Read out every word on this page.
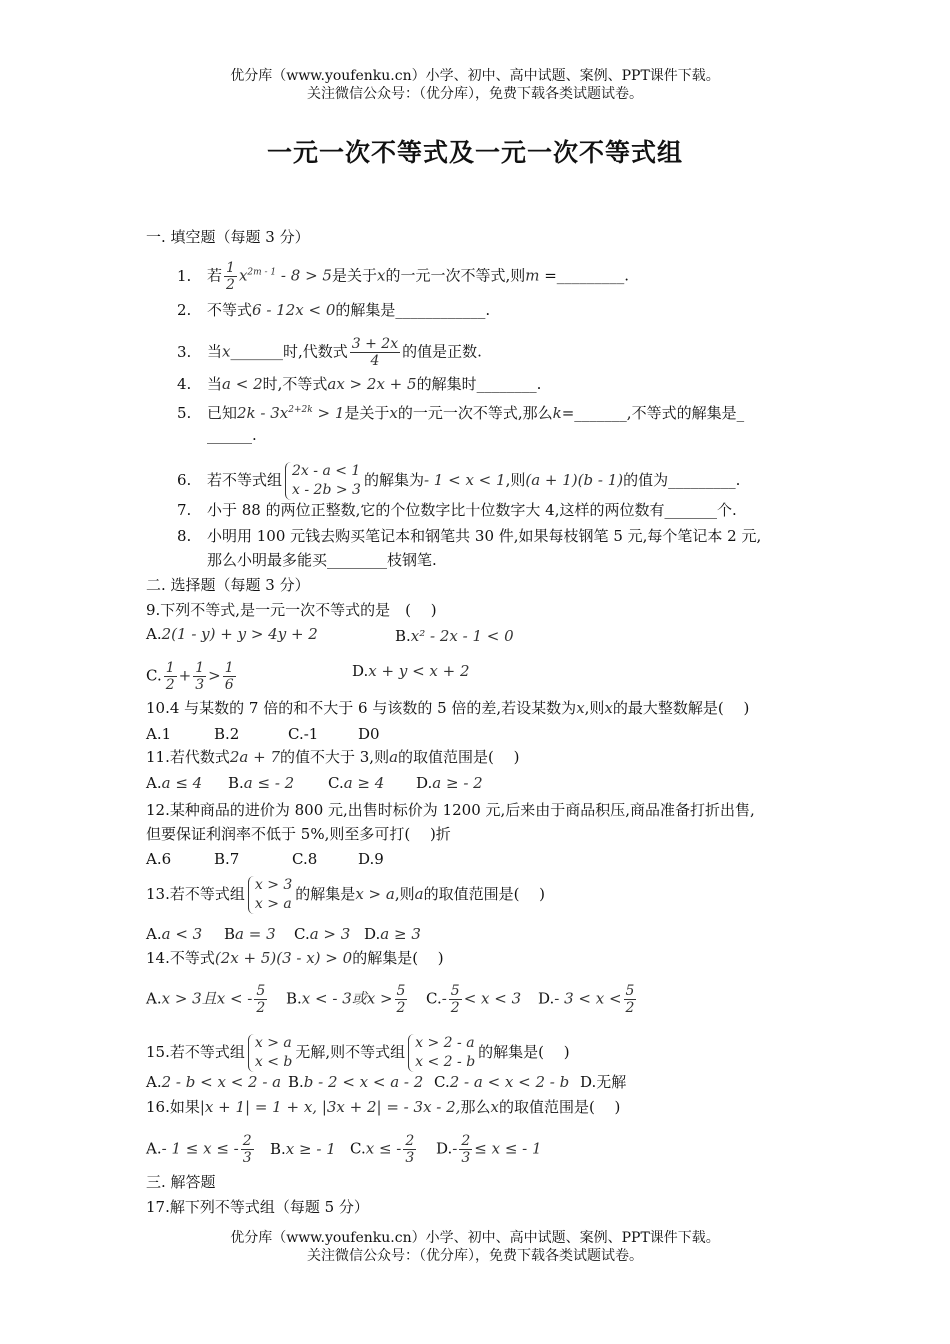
优分库（www.youfenku.cn）小学、初中、高中试题、案例、PPT课件下载。
关注微信公众号：（优分库），免费下载各类试题试卷。
一元一次不等式及一元一次不等式组
一. 填空题（每题 3 分）
1. 若 $\frac{1}{2} x^{2m - 1} - 8 > 5$是关于x的一元一次不等式,则m =_________.
2. 不等式6 - 12x < 0的解集是____________.
3. 当x_______时,代数式 $\frac{3 + 2x}{4}$ 的值是正数.
4. 当a < 2时,不等式ax > 2x + 5的解集时________.
5. 已知$2k - 3x^{2+2k} > 1$是关于x的一元一次不等式,那么k=_______,不等式的解集是_
______.
6. 若不等式组 2x - a < 1
x - 2b > 3
的解集为- 1 < x < 1,则(a + 1)(b - 1)的值为_________.
7. 小于 88 的两位正整数,它的个位数字比十位数字大 4,这样的两位数有_______个.
8. 小明用 100 元钱去购买笔记本和钢笔共 30 件,如果每枝钢笔 5 元,每个笔记本 2 元,
那么小明最多能买________枝钢笔.
二. 选择题（每题 3 分）
9.下列不等式,是一元一次不等式的是　(　 )
A.2(1 - y) + y > 4y + 2	B.x² - 2x - 1 < 0
C. $\frac{1}{2} + \frac{1}{3} > \frac{1}{6}$	D.x + y < x + 2
10.4 与某数的 7 倍的和不大于 6 与该数的 5 倍的差,若设某数为x,则x的最大整数解是(　 )
A.1	B.2	C.-1	D0
11.若代数式2a + 7的值不大于 3,则a的取值范围是(　 )
A.a ≤ 4 B.a ≤ - 2 C.a ≥ 4 D.a ≥ - 2
12.某种商品的进价为 800 元,出售时标价为 1200 元,后来由于商品积压,商品准备打折出售,
但要保证利润率不低于 5%,则至多可打(　 )折
A.6	B.7	C.8	D.9
13.若不等式组 x > 3
x > a
的解集是x > a,则a的取值范围是(　 )
A.a < 3 Ba = 3 C.a > 3 D.a ≥ 3
14.不等式(2x + 5)(3 - x) > 0的解集是(　 )
A.x > 3且x < - $\frac{5}{2} B.x$ < - 3或$x > \frac{5}{2} C.- \frac{5}{2} < x < 3$ D.- $3 < x < \frac{5}{2}$
15.若不等式组 x > a
x < b
无解,则不等式组 x > 2 - a
x < 2 - b
的解集是(　 )
A.2 - b < x < 2 - a B.b - 2 < x < a - 2 C.2 - a < x < 2 - b D.无解
16.如果|x + 1| = 1 + x, |3x + 2| = - 3x - 2,那么x的取值范围是(　 )
A.- 1 ≤ x ≤ - $\frac{2}{3} B.x$ ≥ - 1 C.x ≤ - $\frac{2}{3} D.- \frac{2}{3} \le x$ ≤ - 1
三. 解答题
17.解下列不等式组（每题 5 分）
优分库（www.youfenku.cn）小学、初中、高中试题、案例、PPT课件下载。
关注微信公众号：（优分库），免费下载各类试题试卷。
